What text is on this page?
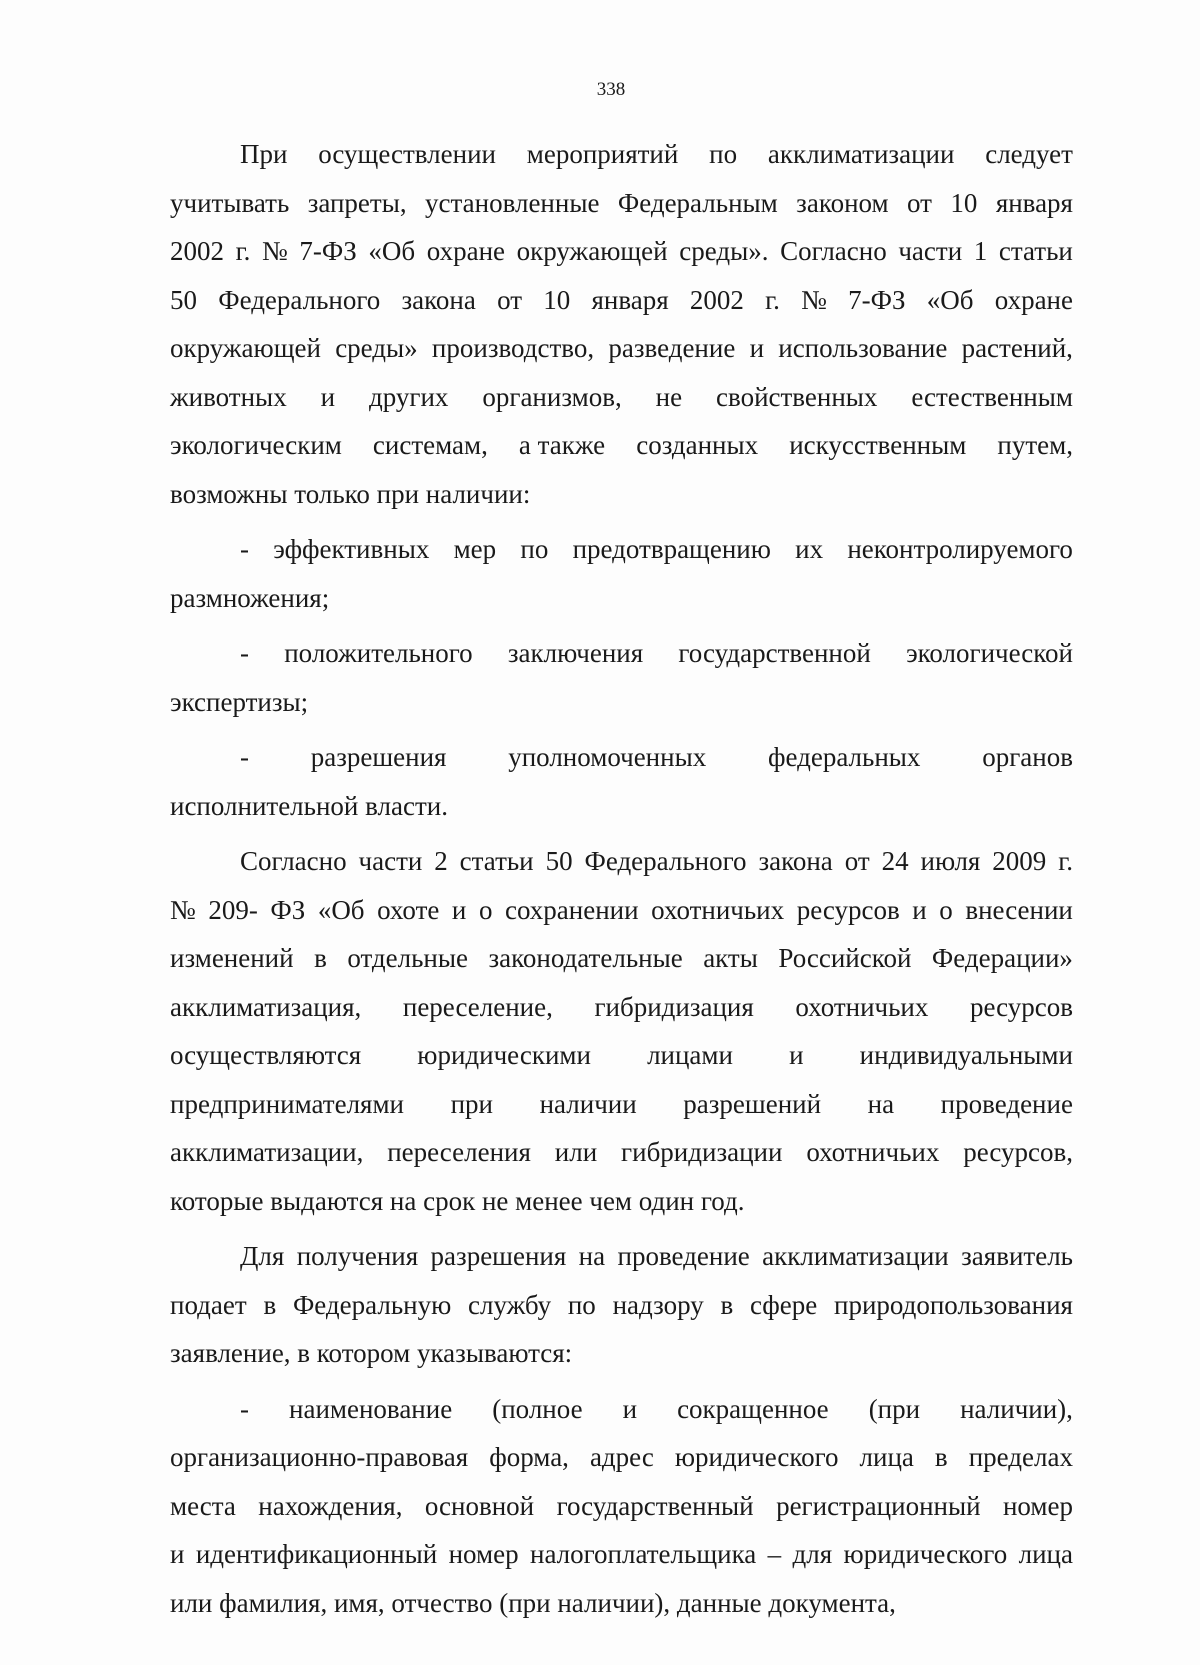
338
При осуществлении мероприятий по акклиматизации следует
учитывать запреты, установленные Федеральным законом от 10 января
2002 г. № 7-ФЗ «Об охране окружающей среды». Согласно части 1 статьи
50 Федерального закона от 10 января 2002 г. № 7-ФЗ «Об охране
окружающей среды» производство, разведение и использование растений,
животных и других организмов, не свойственных естественным
экологическим системам, а также созданных искусственным путем,
возможны только при наличии:
- эффективных мер по предотвращению их неконтролируемого
размножения;
- положительного заключения государственной экологической
экспертизы;
- разрешения уполномоченных федеральных органов
исполнительной власти.
Согласно части 2 статьи 50 Федерального закона от 24 июля 2009 г.
№ 209- ФЗ «Об охоте и о сохранении охотничьих ресурсов и о внесении
изменений в отдельные законодательные акты Российской Федерации»
акклиматизация, переселение, гибридизация охотничьих ресурсов
осуществляются юридическими лицами и индивидуальными
предпринимателями при наличии разрешений на проведение
акклиматизации, переселения или гибридизации охотничьих ресурсов,
которые выдаются на срок не менее чем один год.
Для получения разрешения на проведение акклиматизации заявитель
подает в Федеральную службу по надзору в сфере природопользования
заявление, в котором указываются:
- наименование (полное и сокращенное (при наличии),
организационно-правовая форма, адрес юридического лица в пределах
места нахождения, основной государственный регистрационный номер
и идентификационный номер налогоплательщика – для юридического лица
или фамилия, имя, отчество (при наличии), данные документа,
